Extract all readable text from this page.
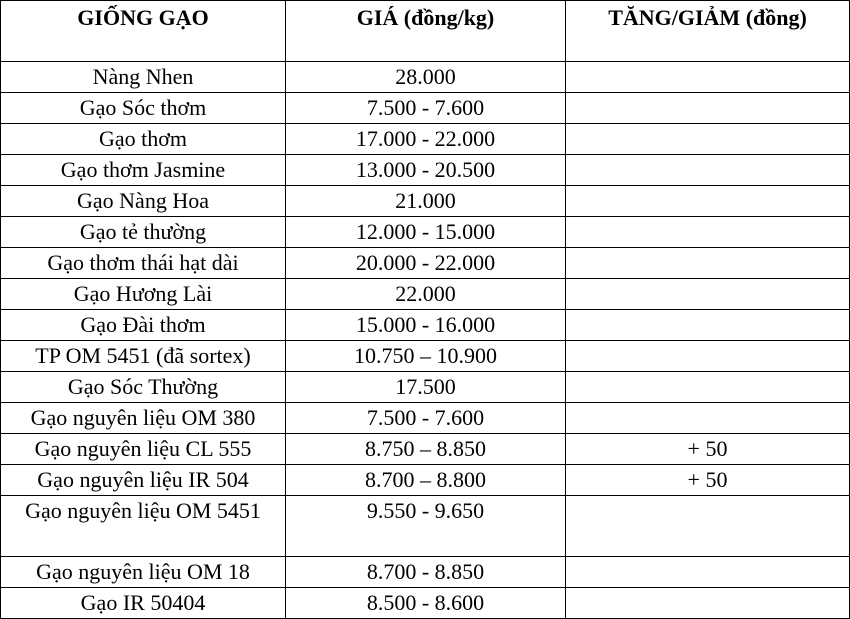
GIỐNG GẠO	GIÁ (đồng/kg)	TĂNG/GIẢM (đồng)
Nàng Nhen	28.000	
Gạo Sóc thơm	7.500 - 7.600	
Gạo thơm	17.000 - 22.000	
Gạo thơm Jasmine	13.000 - 20.500	
Gạo Nàng Hoa	21.000	
Gạo tẻ thường	12.000 - 15.000	
Gạo thơm thái hạt dài	20.000 - 22.000	
Gạo Hương Lài	22.000	
Gạo Đài thơm	15.000 - 16.000	
TP OM 5451 (đã sortex)	10.750 – 10.900	
Gạo Sóc Thường	17.500	
Gạo nguyên liệu OM 380	7.500 - 7.600	
Gạo nguyên liệu CL 555	8.750 – 8.850	+ 50
Gạo nguyên liệu IR 504	8.700 – 8.800	+ 50
Gạo nguyên liệu OM 5451	9.550 - 9.650	
Gạo nguyên liệu OM 18	8.700 - 8.850	
Gạo IR 50404	8.500 - 8.600	
